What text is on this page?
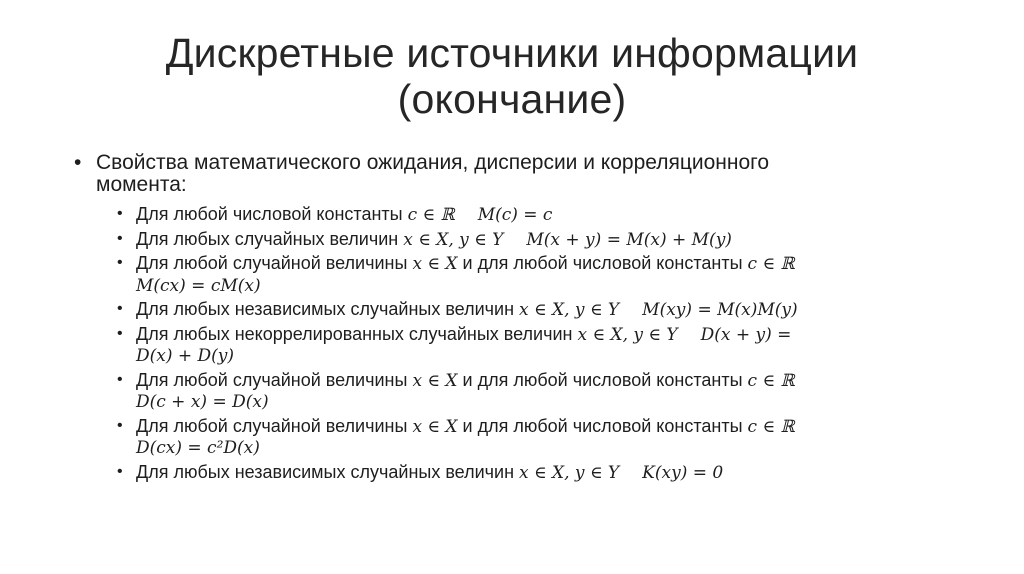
Дискретные источники информации
(окончание)
• Свойства математического ожидания, дисперсии и корреляционного
момента:
• Для любой числовой константы c ∈ ℝ M(c) = c
• Для любых случайных величин x ∈ X, y ∈ Y M(x + y) = M(x) + M(y)
• Для любой случайной величины x ∈ X и для любой числовой константы c ∈ ℝ
M(cx) = cM(x)
• Для любых независимых случайных величин x ∈ X, y ∈ Y M(xy) = M(x)M(y)
• Для любых некоррелированных случайных величин x ∈ X, y ∈ Y D(x + y) =
D(x) + D(y)
• Для любой случайной величины x ∈ X и для любой числовой константы c ∈ ℝ
D(c + x) = D(x)
• Для любой случайной величины x ∈ X и для любой числовой константы c ∈ ℝ
D(cx) = c²D(x)
• Для любых независимых случайных величин x ∈ X, y ∈ Y K(xy) = 0
